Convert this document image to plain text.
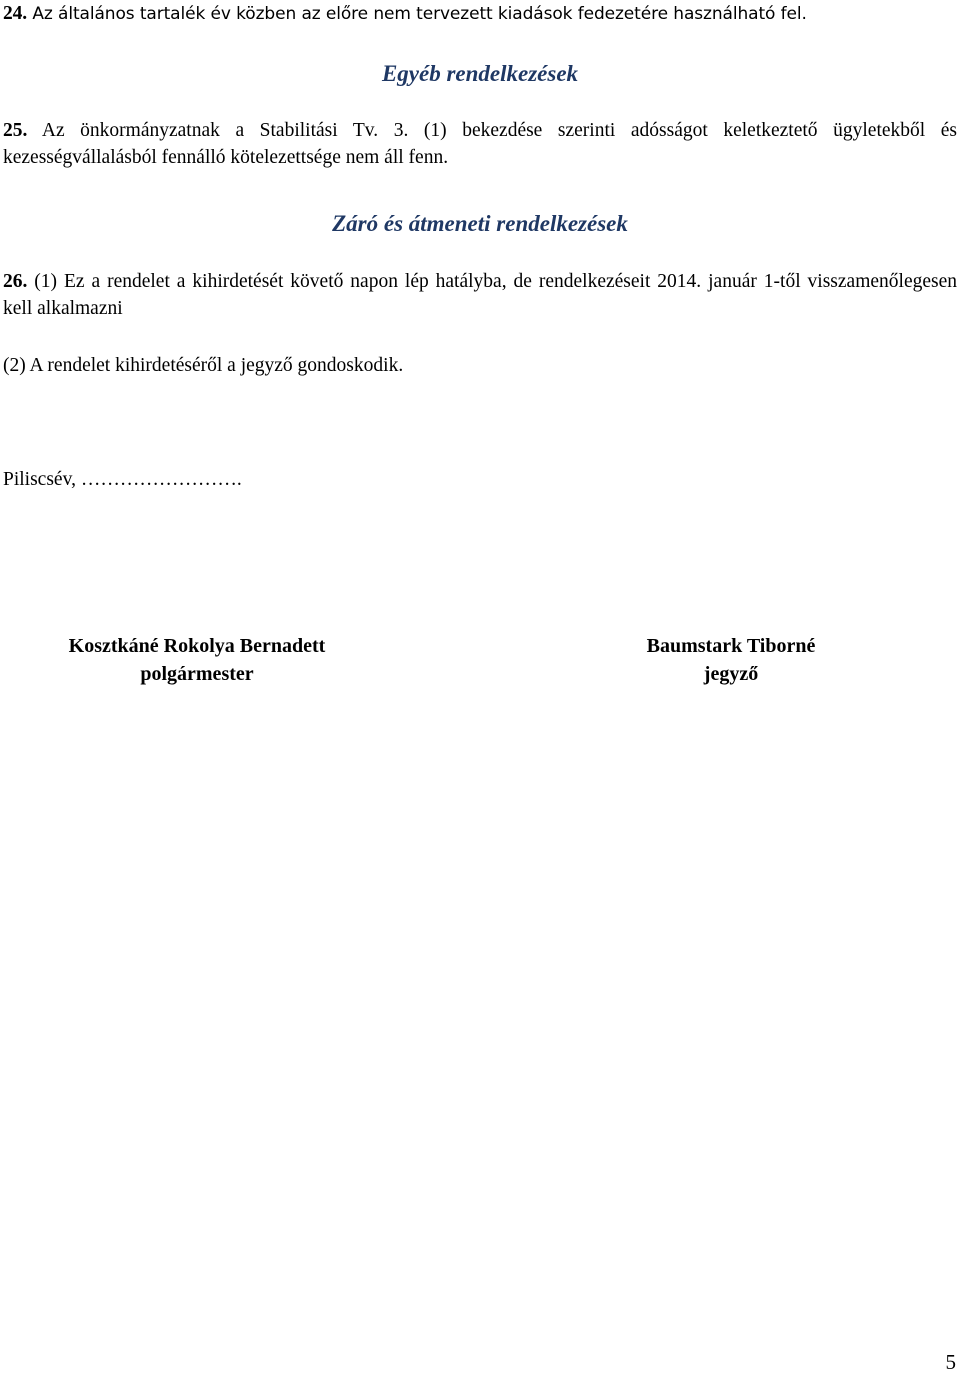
24. Az általános tartalék év közben az előre nem tervezett kiadások fedezetére használható fel.
Egyéb rendelkezések
25. Az önkormányzatnak a Stabilitási Tv. 3. (1) bekezdése szerinti adósságot keletkeztető ügyletekből és kezességvállalásból fennálló kötelezettsége nem áll fenn.
Záró és átmeneti rendelkezések
26. (1) Ez a rendelet a kihirdetését követő napon lép hatályba, de rendelkezéseit 2014. január 1-től visszamenőlegesen kell alkalmazni
(2) A rendelet kihirdetéséről a jegyző gondoskodik.
Piliscsév, …………………….
Kosztkáné Rokolya Bernadett
polgármester
Baumstark Tiborné
jegyző
5
